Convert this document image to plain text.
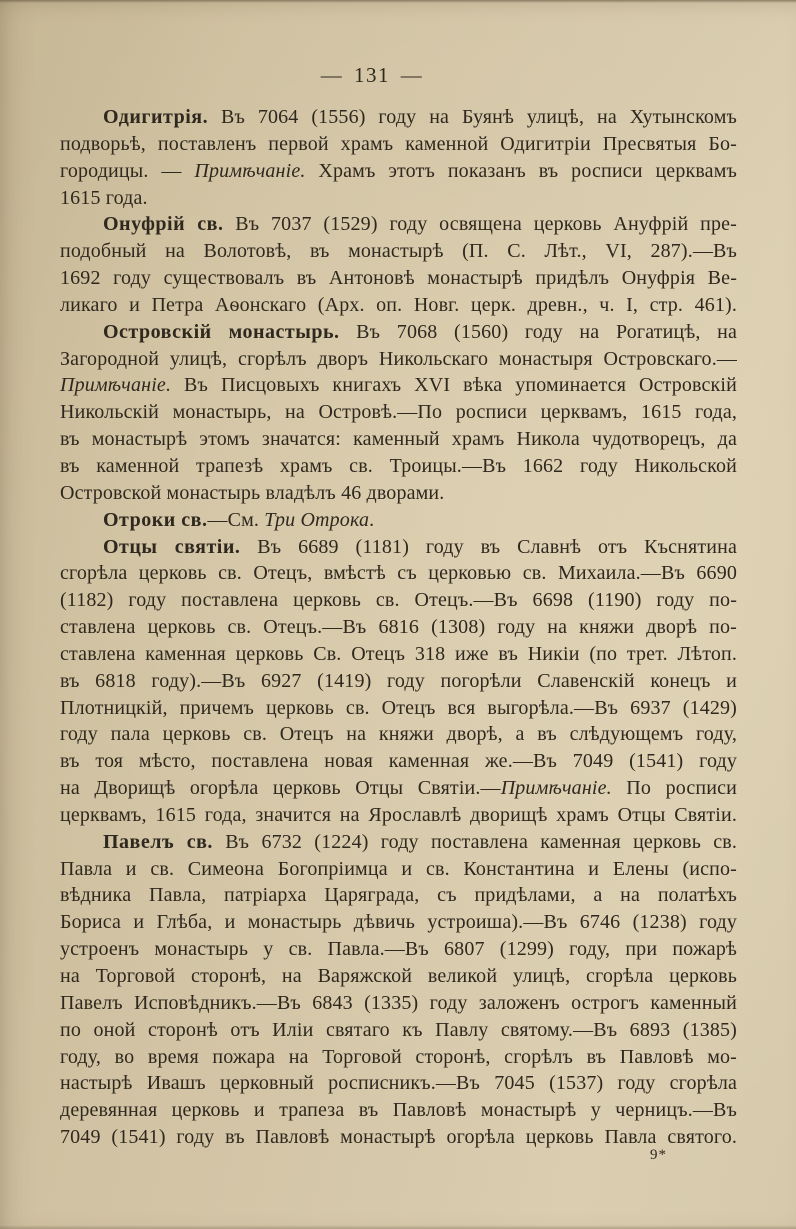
— 131 —
Одигитрія. Въ 7064 (1556) году на Буянѣ улицѣ, на Хутынскомъ
подворьѣ, поставленъ первой храмъ каменной Одигитріи Пресвятыя Бо-
городицы. — Примѣчаніе. Храмъ этотъ показанъ въ росписи церквамъ
1615 года.
Онуфрій св. Въ 7037 (1529) году освящена церковь Ануфрій пре-
подобный на Волотовѣ, въ монастырѣ (П. С. Лѣт., VI, 287).—Въ
1692 году существовалъ въ Антоновѣ монастырѣ придѣлъ Онуфрія Ве-
ликаго и Петра Аѳонскаго (Арх. оп. Новг. церк. древн., ч. I, стр. 461).
Островскій монастырь. Въ 7068 (1560) году на Рогатицѣ, на
Загородной улицѣ, сгорѣлъ дворъ Никольскаго монастыря Островскаго.—
Примѣчаніе. Въ Писцовыхъ книгахъ XVI вѣка упоминается Островскій
Никольскій монастырь, на Островѣ.—По росписи церквамъ, 1615 года,
въ монастырѣ этомъ значатся: каменный храмъ Никола чудотворецъ, да
въ каменной трапезѣ храмъ св. Троицы.—Въ 1662 году Никольской
Островской монастырь владѣлъ 46 дворами.
Отроки св.—См. Три Отрока.
Отцы святіи. Въ 6689 (1181) году въ Славнѣ отъ Къснятина
сгорѣла церковь св. Отецъ, вмѣстѣ съ церковью св. Михаила.—Въ 6690
(1182) году поставлена церковь св. Отецъ.—Въ 6698 (1190) году по-
ставлена церковь св. Отецъ.—Въ 6816 (1308) году на княжи дворѣ по-
ставлена каменная церковь Св. Отецъ 318 иже въ Никіи (по трет. Лѣтоп.
въ 6818 году).—Въ 6927 (1419) году погорѣли Славенскій конецъ и
Плотницкій, причемъ церковь св. Отецъ вся выгорѣла.—Въ 6937 (1429)
году пала церковь св. Отецъ на княжи дворѣ, а въ слѣдующемъ году,
въ тоя мѣсто, поставлена новая каменная же.—Въ 7049 (1541) году
на Дворищѣ огорѣла церковь Отцы Святіи.—Примѣчаніе. По росписи
церквамъ, 1615 года, значится на Ярославлѣ дворищѣ храмъ Отцы Святіи.
Павелъ св. Въ 6732 (1224) году поставлена каменная церковь св.
Павла и св. Симеона Богопріимца и св. Константина и Елены (испо-
вѣдника Павла, патріарха Царяграда, съ придѣлами, а на полатѣхъ
Бориса и Глѣба, и монастырь дѣвичь устроиша).—Въ 6746 (1238) году
устроенъ монастырь у св. Павла.—Въ 6807 (1299) году, при пожарѣ
на Торговой сторонѣ, на Варяжской великой улицѣ, сгорѣла церковь
Павелъ Исповѣдникъ.—Въ 6843 (1335) году заложенъ острогъ каменный
по оной сторонѣ отъ Иліи святаго къ Павлу святому.—Въ 6893 (1385)
году, во время пожара на Торговой сторонѣ, сгорѣлъ въ Павловѣ мо-
настырѣ Ивашъ церковный росписникъ.—Въ 7045 (1537) году сгорѣла
деревянная церковь и трапеза въ Павловѣ монастырѣ у черницъ.—Въ
7049 (1541) году въ Павловѣ монастырѣ огорѣла церковь Павла святого.
9*
